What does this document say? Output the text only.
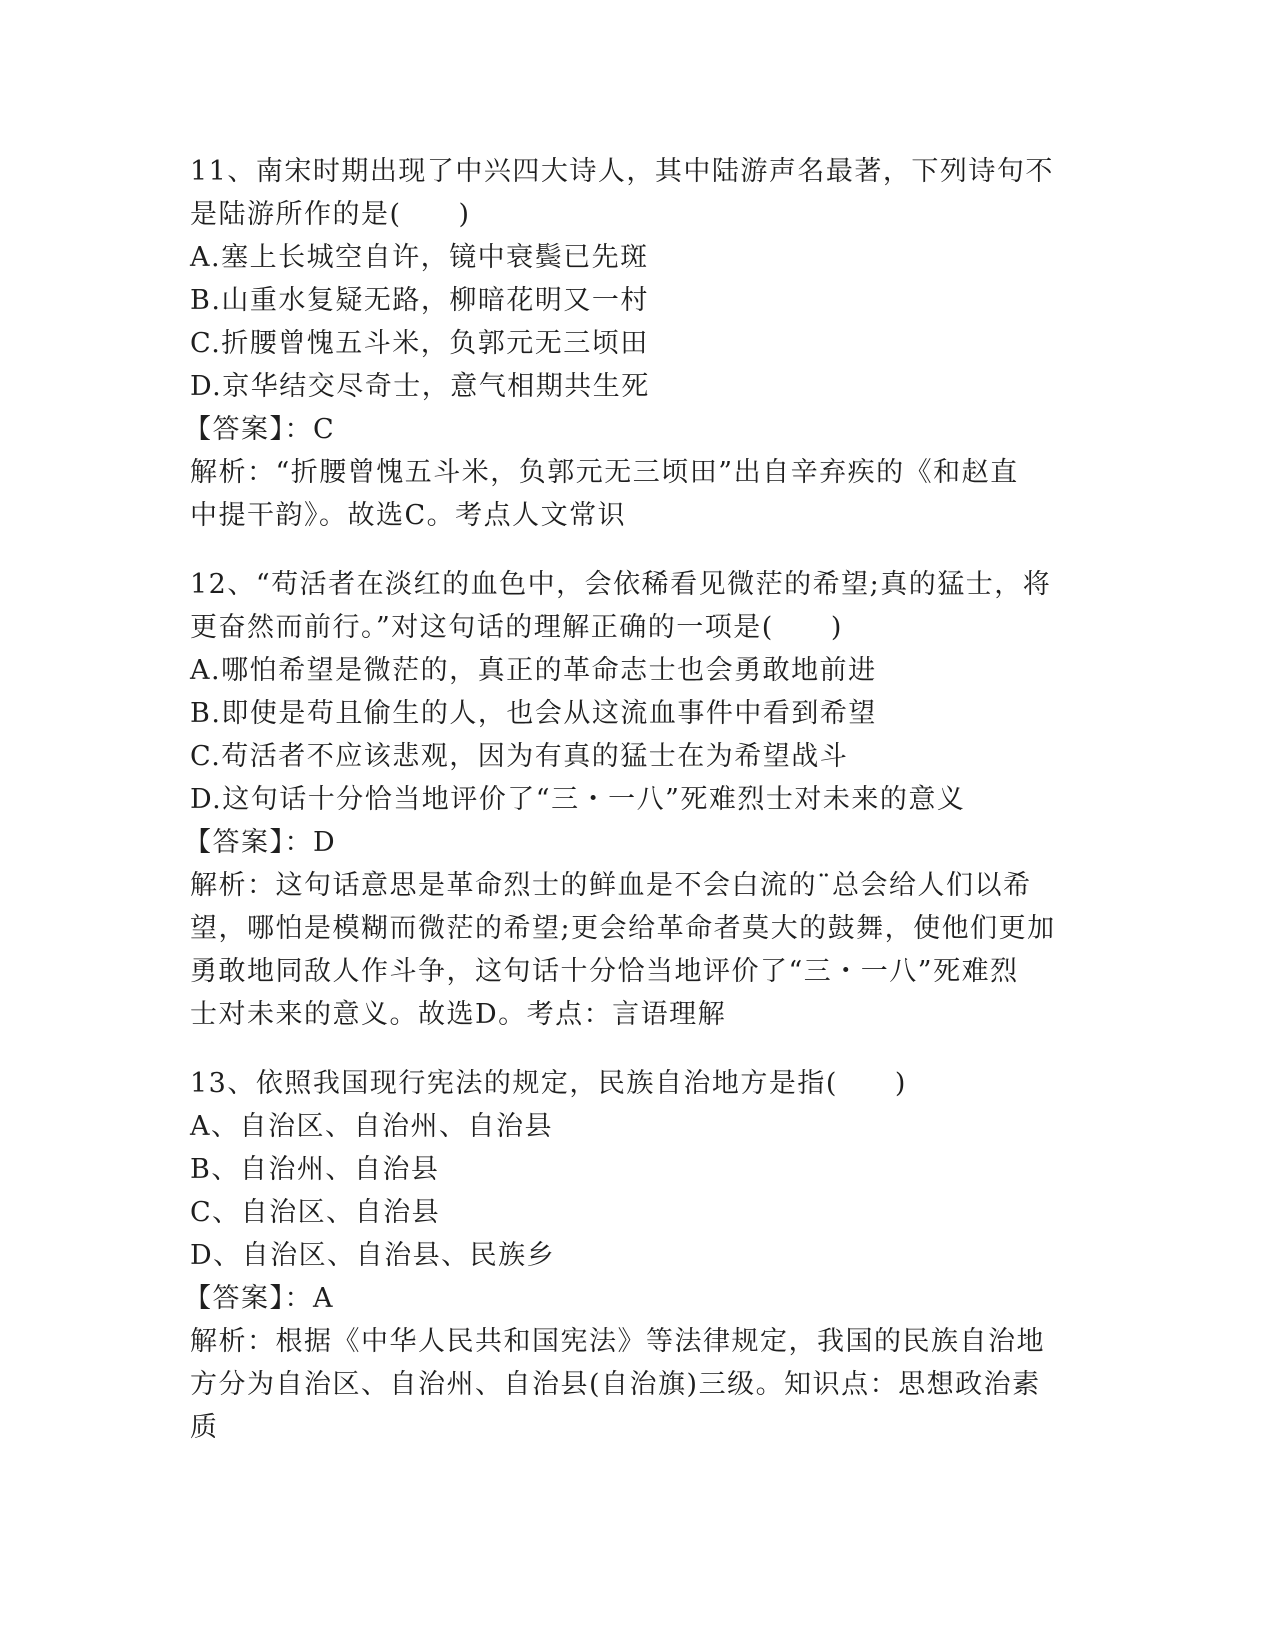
11、南宋时期出现了中兴四大诗人，其中陆游声名最著，下列诗句不
是陆游所作的是(　　)
A.塞上长城空自许，镜中衰鬓已先斑
B.山重水复疑无路，柳暗花明又一村
C.折腰曾愧五斗米，负郭元无三顷田
D.京华结交尽奇士，意气相期共生死
【答案】：C
解析：“折腰曾愧五斗米，负郭元无三顷田”出自辛弃疾的《和赵直
中提干韵》。故选C。考点人文常识
12、“苟活者在淡红的血色中，会依稀看见微茫的希望;真的猛士，将
更奋然而前行。”对这句话的理解正确的一项是(　　)
A.哪怕希望是微茫的，真正的革命志士也会勇敢地前进
B.即使是苟且偷生的人，也会从这流血事件中看到希望
C.苟活者不应该悲观，因为有真的猛士在为希望战斗
D.这句话十分恰当地评价了“三・一八”死难烈士对未来的意义
【答案】：D
解析：这句话意思是革命烈士的鲜血是不会白流的¨总会给人们以希
望，哪怕是模糊而微茫的希望;更会给革命者莫大的鼓舞，使他们更加
勇敢地同敌人作斗争，这句话十分恰当地评价了“三・一八”死难烈
士对未来的意义。故选D。考点：言语理解
13、依照我国现行宪法的规定，民族自治地方是指(　　)
A、自治区、自治州、自治县
B、自治州、自治县
C、自治区、自治县
D、自治区、自治县、民族乡
【答案】：A
解析：根据《中华人民共和国宪法》等法律规定，我国的民族自治地
方分为自治区、自治州、自治县(自治旗)三级。知识点：思想政治素
质
